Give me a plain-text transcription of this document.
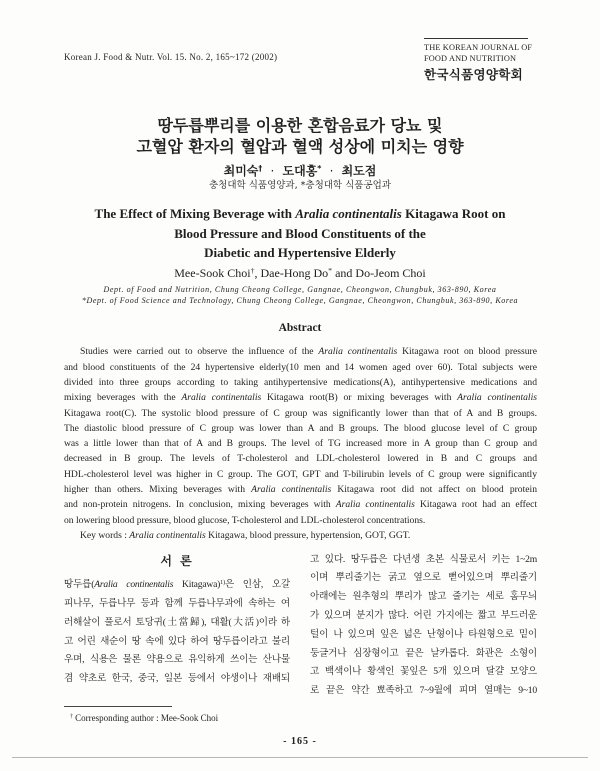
Korean J. Food & Nutr. Vol. 15. No. 2, 165~172 (2002)
THE KOREAN JOURNAL OF
FOOD AND NUTRITION
한국식품영양학회
땅두릅뿌리를 이용한 혼합음료가 당뇨 및
고혈압 환자의 혈압과 혈액 성상에 미치는 영향
최미숙† · 도대홍* · 최도점
충청대학 식품영양과, *충청대학 식품공업과
The Effect of Mixing Beverage with Aralia continentalis Kitagawa Root on
Blood Pressure and Blood Constituents of the
Diabetic and Hypertensive Elderly
Mee-Sook Choi†, Dae-Hong Do* and Do-Jeom Choi
Dept. of Food and Nutrition, Chung Cheong College, Gangnae, Cheongwon, Chungbuk, 363-890, Korea
*Dept. of Food Science and Technology, Chung Cheong College, Gangnae, Cheongwon, Chungbuk, 363-890, Korea
Abstract
Studies were carried out to observe the influence of the Aralia continentalis Kitagawa root on blood pressure
and blood constituents of the 24 hypertensive elderly(10 men and 14 women aged over 60). Total subjects were
divided into three groups according to taking antihypertensive medications(A), antihypertensive medications and
mixing beverages with the Aralia continentalis Kitagawa root(B) or mixing beverages with Aralia continentalis
Kitagawa root(C). The systolic blood pressure of C group was significantly lower than that of A and B groups.
The diastolic blood pressure of C group was lower than A and B groups. The blood glucose level of C group
was a little lower than that of A and B groups. The level of TG increased more in A group than C group and
decreased in B group. The levels of T-cholesterol and LDL-cholesterol lowered in B and C groups and
HDL-cholesterol level was higher in C group. The GOT, GPT and T-bilirubin levels of C group were significantly
higher than others. Mixing beverages with Aralia continentalis Kitagawa root did not affect on blood protein
and non-protein nitrogens. In conclusion, mixing beverages with Aralia continentalis Kitagawa root had an effect
on lowering blood pressure, blood glucose, T-cholesterol and LDL-cholesterol concentrations.
Key words : Aralia continentalis Kitagawa, blood pressure, hypertension, GOT, GGT.
서 론
땅두릅(Aralia continentalis Kitagawa)$^{1)}$은 인삼, 오갈
피나무, 두릅나무 등과 함께 두릅나무과에 속하는 여
러해살이 풀로서 토당귀(土當歸), 대활(大活)이라 하
고 어린 새순이 땅 속에 있다 하여 땅두릅이라고 불리
우며, 식용은 물론 약용으로 유익하게 쓰이는 산나물
겸 약초로 한국, 중국, 일본 등에서 야생이나 재배되
고 있다. 땅두릅은 다년생 초본 식물로서 키는 1~2m
이며 뿌리줄기는 굵고 옆으로 뻗어있으며 뿌리줄기
아래에는 원추형의 뿌리가 많고 줄기는 세로 홈무늬
가 있으며 분지가 많다. 어린 가지에는 짧고 부드러운
털이 나 있으며 잎은 넓은 난형이나 타원형으로 밑이
둥글거나 심장형이고 끝은 날카롭다. 화관은 소형이
고 백색이나 황색인 꽃잎은 5개 있으며 달걀 모양으
로 끝은 약간 뾰족하고 7~9월에 피며 열매는 9~10
† Corresponding author : Mee-Sook Choi
- 165 -
